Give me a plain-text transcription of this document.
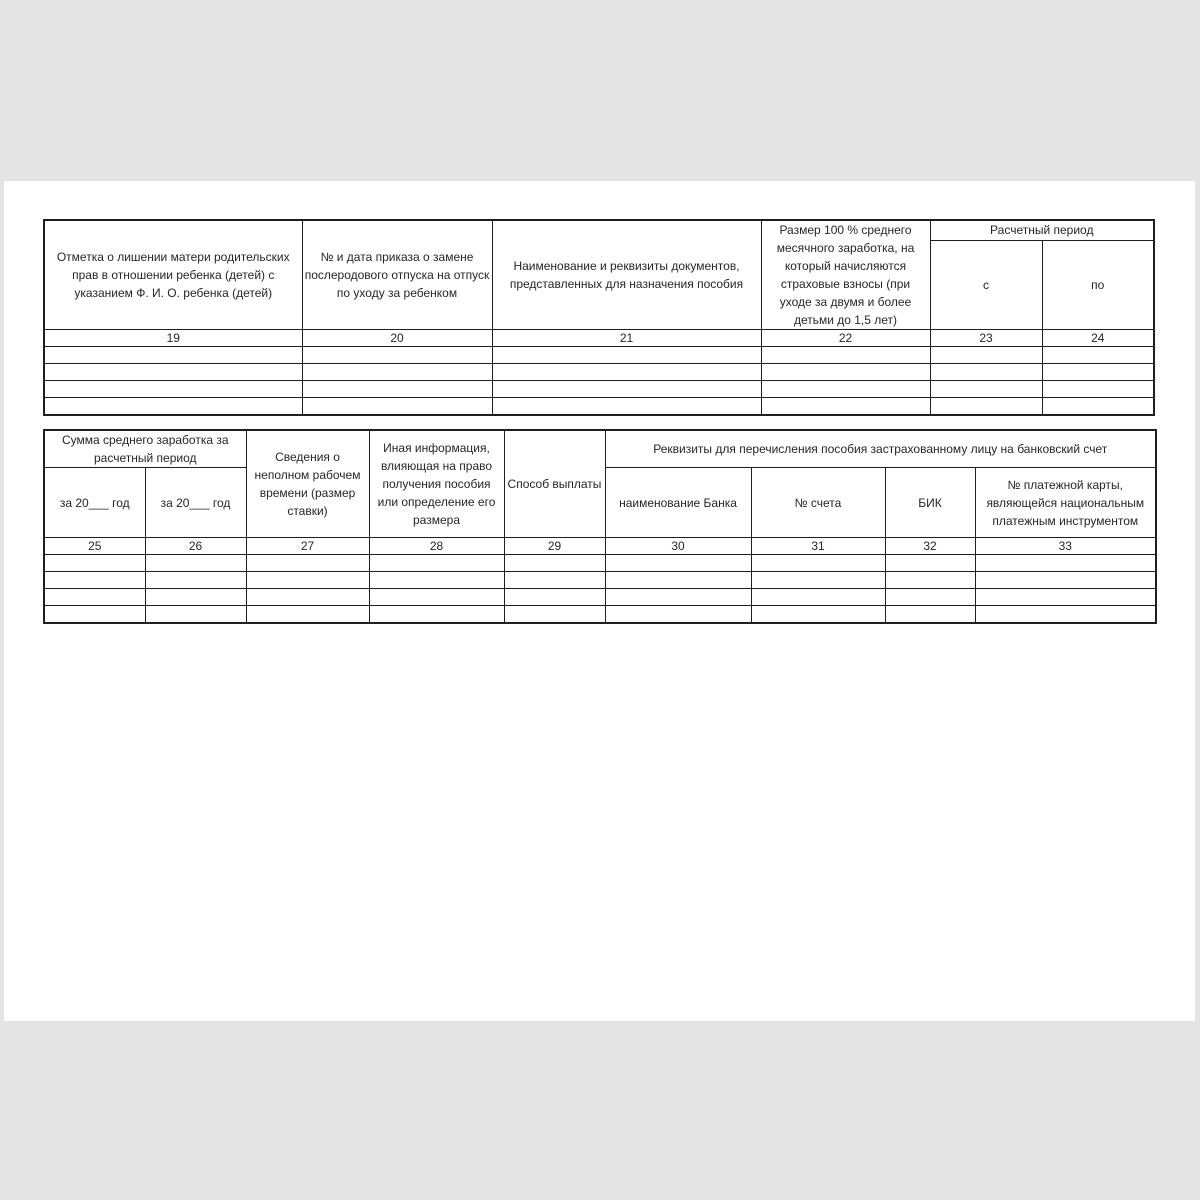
Отметка о лишении матери родительских прав в отношении ребенка (детей) с указанием Ф. И. О. ребенка (детей)	№ и дата приказа о замене послеродового отпуска на отпуск по уходу за ребенком	Наименование и реквизиты документов, представленных для назначения пособия	Размер 100 % среднего месячного заработка, на который начисляются страховые взносы (при уходе за двумя и более детьми до 1,5 лет)	Расчетный период	
				с	по
19	20	21	22	23	24

Сумма среднего заработка за расчетный период		Сведения о неполном рабочем времени (размер ставки)	Иная информация, влияющая на право получения пособия или определение его размера	Способ выплаты	Реквизиты для перечисления пособия застрахованному лицу на банковский счет			
за 20___ год	за 20___ год				наименование Банка	№ счета	БИК	№ платежной карты, являющейся национальным платежным инструментом
25	26	27	28	29	30	31	32	33
